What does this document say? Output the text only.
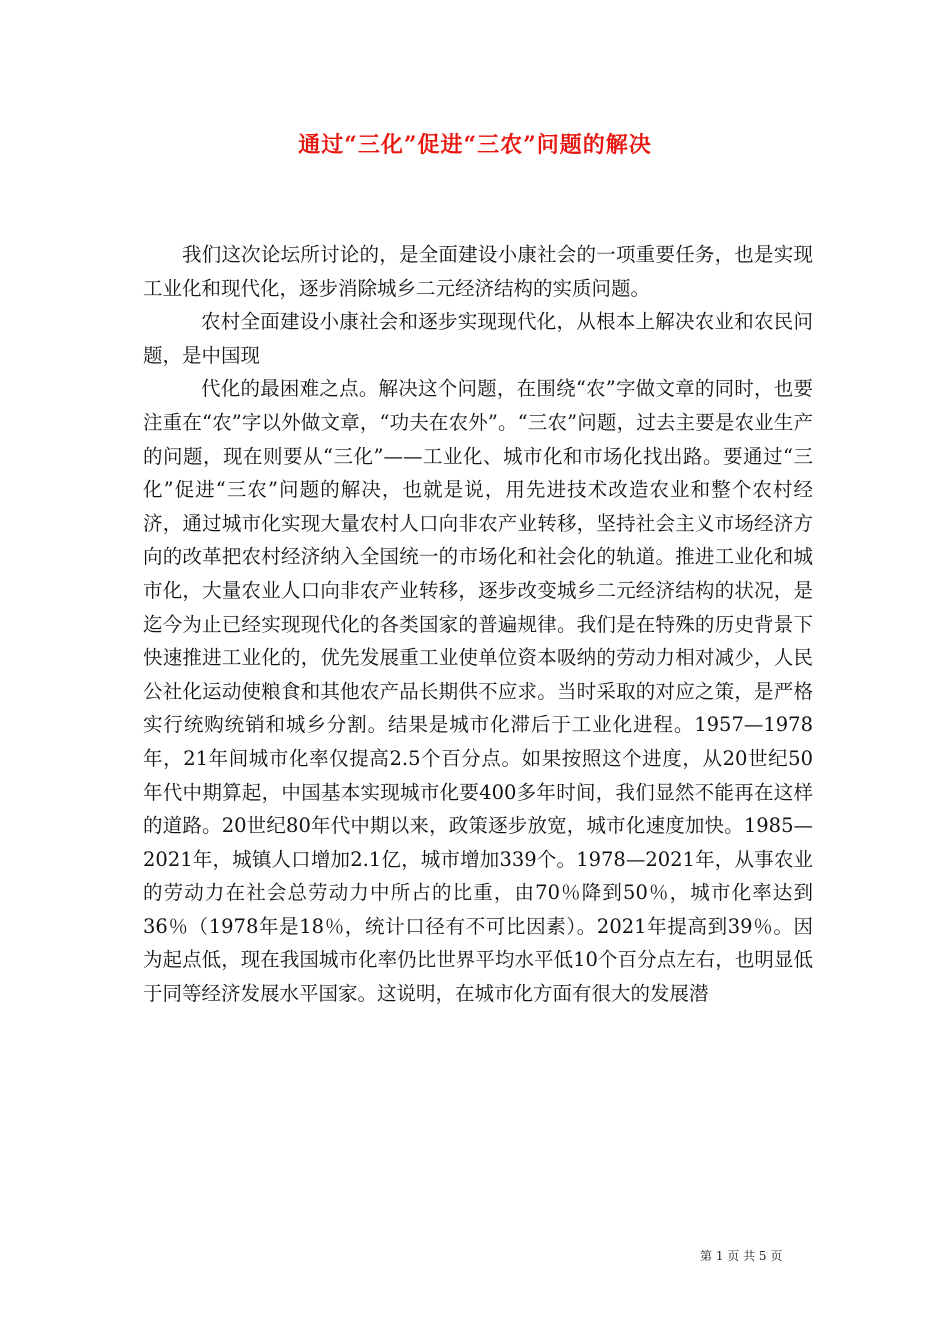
通过“三化”促进“三农”问题的解决

我们这次论坛所讨论的，是全面建设小康社会的一项重要任务，也是实现工业化和现代化，逐步消除城乡二元经济结构的实质问题。

农村全面建设小康社会和逐步实现现代化，从根本上解决农业和农民问题，是中国现

代化的最困难之点。解决这个问题，在围绕“农”字做文章的同时，也要注重在“农”字以外做文章，“功夫在农外”。“三农”问题，过去主要是农业生产的问题，现在则要从“三化”——工业化、城市化和市场化找出路。要通过“三化”促进“三农”问题的解决，也就是说，用先进技术改造农业和整个农村经济，通过城市化实现大量农村人口向非农产业转移，坚持社会主义市场经济方向的改革把农村经济纳入全国统一的市场化和社会化的轨道。推进工业化和城市化，大量农业人口向非农产业转移，逐步改变城乡二元经济结构的状况，是迄今为止已经实现现代化的各类国家的普遍规律。我们是在特殊的历史背景下快速推进工业化的，优先发展重工业使单位资本吸纳的劳动力相对减少，人民公社化运动使粮食和其他农产品长期供不应求。当时采取的对应之策，是严格实行统购统销和城乡分割。结果是城市化滞后于工业化进程。1957—1978年，21年间城市化率仅提高2.5个百分点。如果按照这个进度，从20世纪50年代中期算起，中国基本实现城市化要400多年时间，我们显然不能再在这样的道路。20世纪80年代中期以来，政策逐步放宽，城市化速度加快。1985—2021年，城镇人口增加2.1亿，城市增加339个。1978—2021年，从事农业的劳动力在社会总劳动力中所占的比重，由70％降到50％，城市化率达到36％（1978年是18％，统计口径有不可比因素）。2021年提高到39％。因为起点低，现在我国城市化率仍比世界平均水平低10个百分点左右，也明显低于同等经济发展水平国家。这说明，在城市化方面有很大的发展潜

第 1 页 共 5 页
